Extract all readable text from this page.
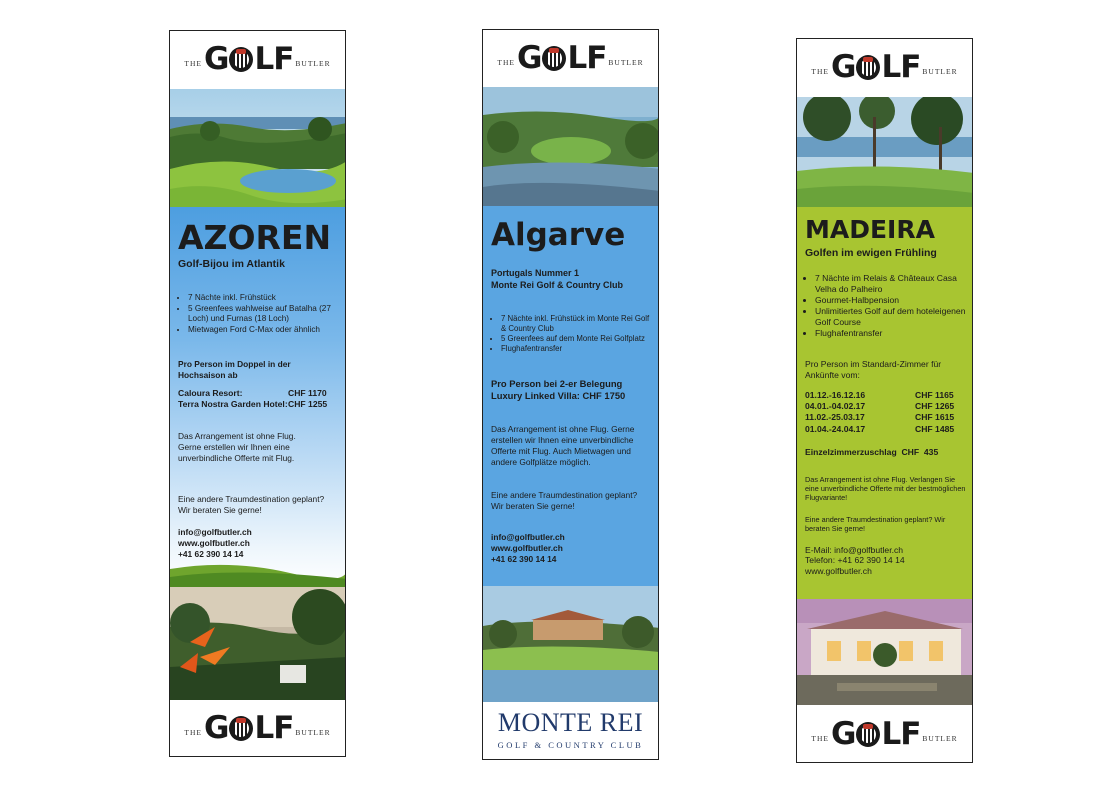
THE G LF BUTLER
AZOREN
Golf-Bijou im Atlantik
• 7 Nächte inkl. Frühstück
• 5 Greenfees wahlweise auf Batalha (27 Loch) und Furnas (18 Loch)
• Mietwagen Ford C-Max oder ähnlich
Pro Person im Doppel in der Hochsaison ab
Caloura Resort:	CHF 1170
Terra Nostra Garden Hotel: CHF 1255
Das Arrangement ist ohne Flug. Gerne erstellen wir Ihnen eine unverbindliche Offerte mit Flug.
Eine andere Traumdestination geplant? Wir beraten Sie gerne!
info@golfbutler.ch
www.golfbutler.ch
+41 62 390 14 14
THE G LF BUTLER
THE G LF BUTLER
Algarve
Portugals Nummer 1
Monte Rei Golf & Country Club
• 7 Nächte inkl. Frühstück im Monte Rei Golf & Country Club
• 5 Greenfees auf dem Monte Rei Golfplatz
• Flughafentransfer
Pro Person bei 2-er Belegung
Luxury Linked Villa: CHF 1750
Das Arrangement ist ohne Flug. Gerne erstellen wir Ihnen eine unverbindliche Offerte mit Flug. Auch Mietwagen und andere Golfplätze möglich.
Eine andere Traumdestination geplant? Wir beraten Sie gerne!
info@golfbutler.ch
www.golfbutler.ch
+41 62 390 14 14
MONTE REI
GOLF & COUNTRY CLUB
THE G LF BUTLER
MADEIRA
Golfen im ewigen Frühling
• 7 Nächte im Relais & Châteaux Casa Velha do Palheiro
• Gourmet-Halbpension
• Unlimitiertes Golf auf dem hoteleigenen Golf Course
• Flughafentransfer
Pro Person im Standard-Zimmer für Ankünfte vom:
01.12.-16.12.16	CHF 1165
04.01.-04.02.17	CHF 1265
11.02.-25.03.17	CHF 1615
01.04.-24.04.17	CHF 1485
Einzelzimmerzuschlag  CHF  435
Das Arrangement ist ohne Flug. Verlangen Sie eine unverbindliche Offerte mit der bestmöglichen Flugvariante!
Eine andere Traumdestination geplant? Wir beraten Sie gerne!
E-Mail: info@golfbutler.ch
Telefon: +41 62 390 14 14
www.golfbutler.ch
THE G LF BUTLER
